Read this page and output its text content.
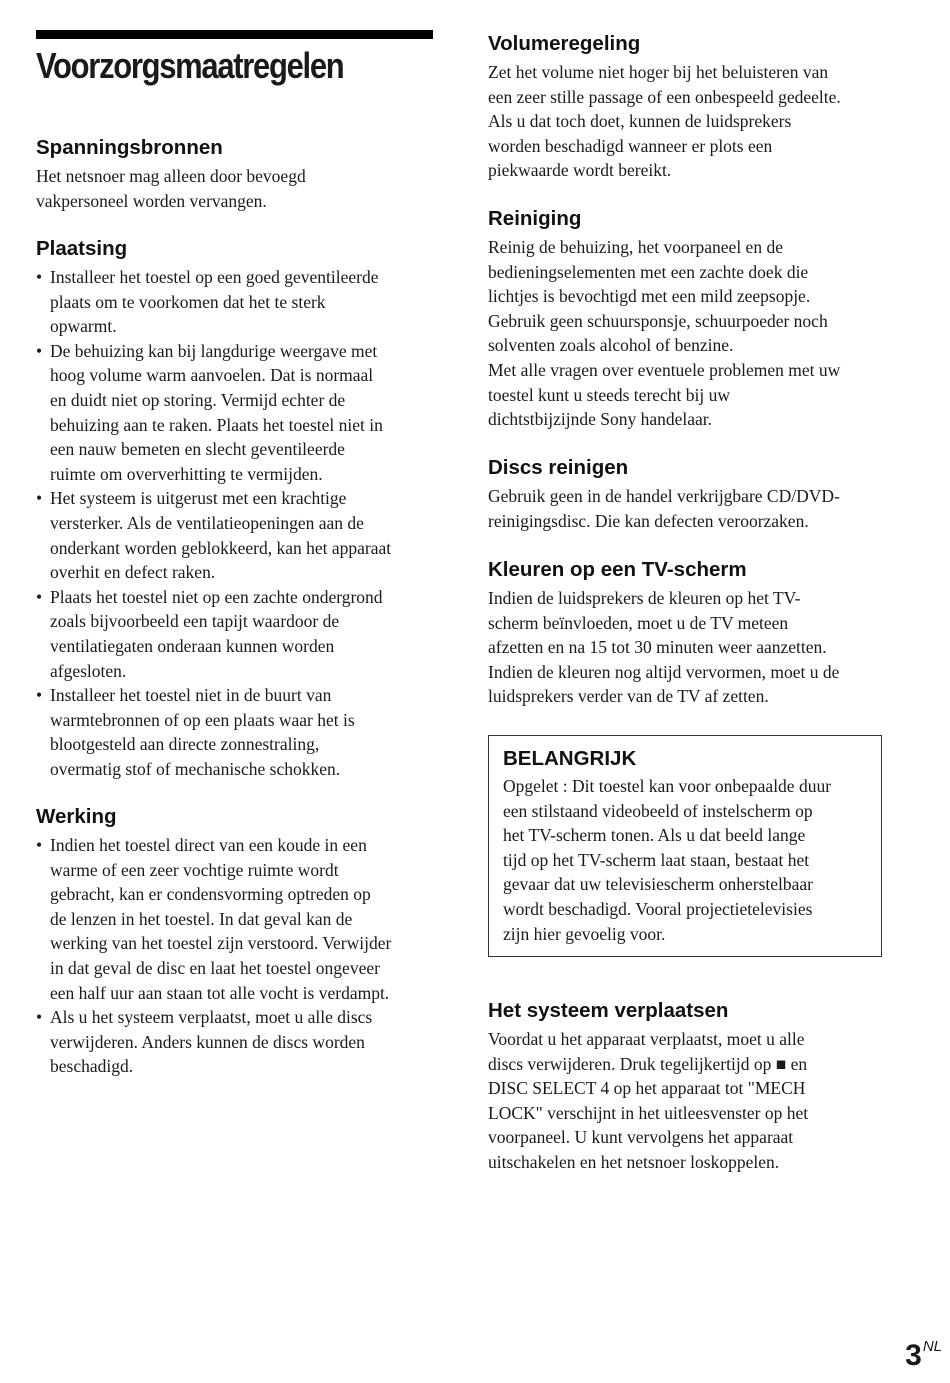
Voorzorgsmaatregelen
Spanningsbronnen

Het netsnoer mag alleen door bevoegd
vakpersoneel worden vervangen.

Plaatsing
• Installeer het toestel op een goed geventileerde
plaats om te voorkomen dat het te sterk
opwarmt.
• De behuizing kan bij langdurige weergave met
hoog volume warm aanvoelen. Dat is normaal
en duidt niet op storing. Vermijd echter de
behuizing aan te raken. Plaats het toestel niet in
een nauw bemeten en slecht geventileerde
ruimte om oververhitting te vermijden.
• Het systeem is uitgerust met een krachtige
versterker. Als de ventilatieopeningen aan de
onderkant worden geblokkeerd, kan het apparaat
overhit en defect raken.
• Plaats het toestel niet op een zachte ondergrond
zoals bijvoorbeeld een tapijt waardoor de
ventilatiegaten onderaan kunnen worden
afgesloten.
• Installeer het toestel niet in de buurt van
warmtebronnen of op een plaats waar het is
blootgesteld aan directe zonnestraling,
overmatig stof of mechanische schokken.
Werking
• Indien het toestel direct van een koude in een
warme of een zeer vochtige ruimte wordt
gebracht, kan er condensvorming optreden op
de lenzen in het toestel. In dat geval kan de
werking van het toestel zijn verstoord. Verwijder
in dat geval de disc en laat het toestel ongeveer
een half uur aan staan tot alle vocht is verdampt.
• Als u het systeem verplaatst, moet u alle discs
verwijderen. Anders kunnen de discs worden
beschadigd.
Volumeregeling

Zet het volume niet hoger bij het beluisteren van
een zeer stille passage of een onbespeeld gedeelte.
Als u dat toch doet, kunnen de luidsprekers
worden beschadigd wanneer er plots een
piekwaarde wordt bereikt.

Reiniging

Reinig de behuizing, het voorpaneel en de
bedieningselementen met een zachte doek die
lichtjes is bevochtigd met een mild zeepsopje.
Gebruik geen schuursponsje, schuurpoeder noch
solventen zoals alcohol of benzine.
Met alle vragen over eventuele problemen met uw
toestel kunt u steeds terecht bij uw
dichtstbijzijnde Sony handelaar.

Discs reinigen

Gebruik geen in de handel verkrijgbare CD/DVD-
reinigingsdisc. Die kan defecten veroorzaken.

Kleuren op een TV-scherm

Indien de luidsprekers de kleuren op het TV-
scherm beïnvloeden, moet u de TV meteen
afzetten en na 15 tot 30 minuten weer aanzetten.
Indien de kleuren nog altijd vervormen, moet u de
luidsprekers verder van de TV af zetten.

BELANGRIJK

Opgelet : Dit toestel kan voor onbepaalde duur
een stilstaand videobeeld of instelscherm op
het TV-scherm tonen. Als u dat beeld lange
tijd op het TV-scherm laat staan, bestaat het
gevaar dat uw televisiescherm onherstelbaar
wordt beschadigd. Vooral projectietelevisies
zijn hier gevoelig voor.

Het systeem verplaatsen

Voordat u het apparaat verplaatst, moet u alle
discs verwijderen. Druk tegelijkertijd op ■ en
DISC SELECT 4 op het apparaat tot "MECH
LOCK" verschijnt in het uitleesvenster op het
voorpaneel. U kunt vervolgens het apparaat
uitschakelen en het netsnoer loskoppelen.

3NL
